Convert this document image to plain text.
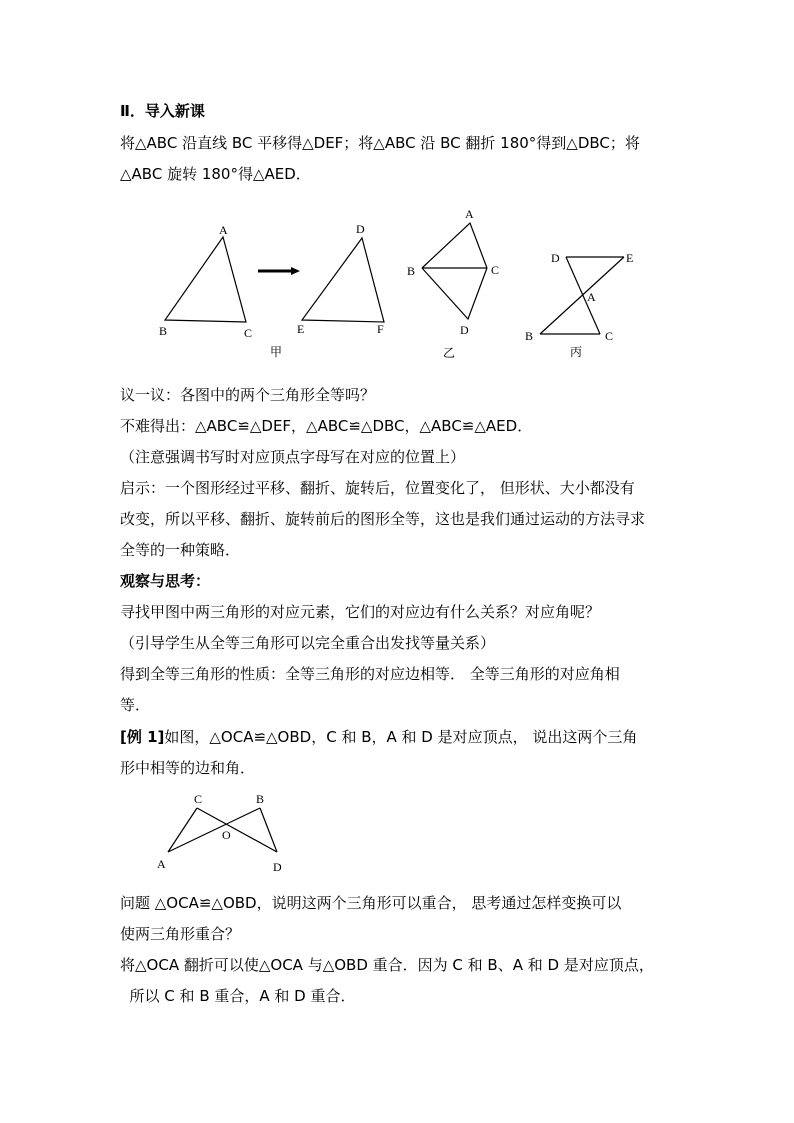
Ⅱ．导入新课
将△ABC 沿直线 BC 平移得△DEF；将△ABC 沿 BC 翻折 180°得到△DBC；将
△ABC 旋转 180°得△AED．
A
B	C
D
E	F
甲
A
B	C
D
乙
D	E
A
B	C
丙
议一议：各图中的两个三角形全等吗？
不难得出：△ABC≌△DEF，△ABC≌△DBC，△ABC≌△AED．
（注意强调书写时对应顶点字母写在对应的位置上）
启示：一个图形经过平移、翻折、旋转后，位置变化了， 但形状、大小都没有
改变，所以平移、翻折、旋转前后的图形全等，这也是我们通过运动的方法寻求
全等的一种策略．
观察与思考：
寻找甲图中两三角形的对应元素，它们的对应边有什么关系？对应角呢？
（引导学生从全等三角形可以完全重合出发找等量关系）
得到全等三角形的性质：全等三角形的对应边相等． 全等三角形的对应角相
等．
[例 1]如图，△OCA≌△OBD，C 和 B，A 和 D 是对应顶点， 说出这两个三角
形中相等的边和角．
C	B
O
A	D
问题 △OCA≌△OBD，说明这两个三角形可以重合， 思考通过怎样变换可以
使两三角形重合？
将△OCA 翻折可以使△OCA 与△OBD 重合．因为 C 和 B、A 和 D 是对应顶点，
所以 C 和 B 重合，A 和 D 重合．
